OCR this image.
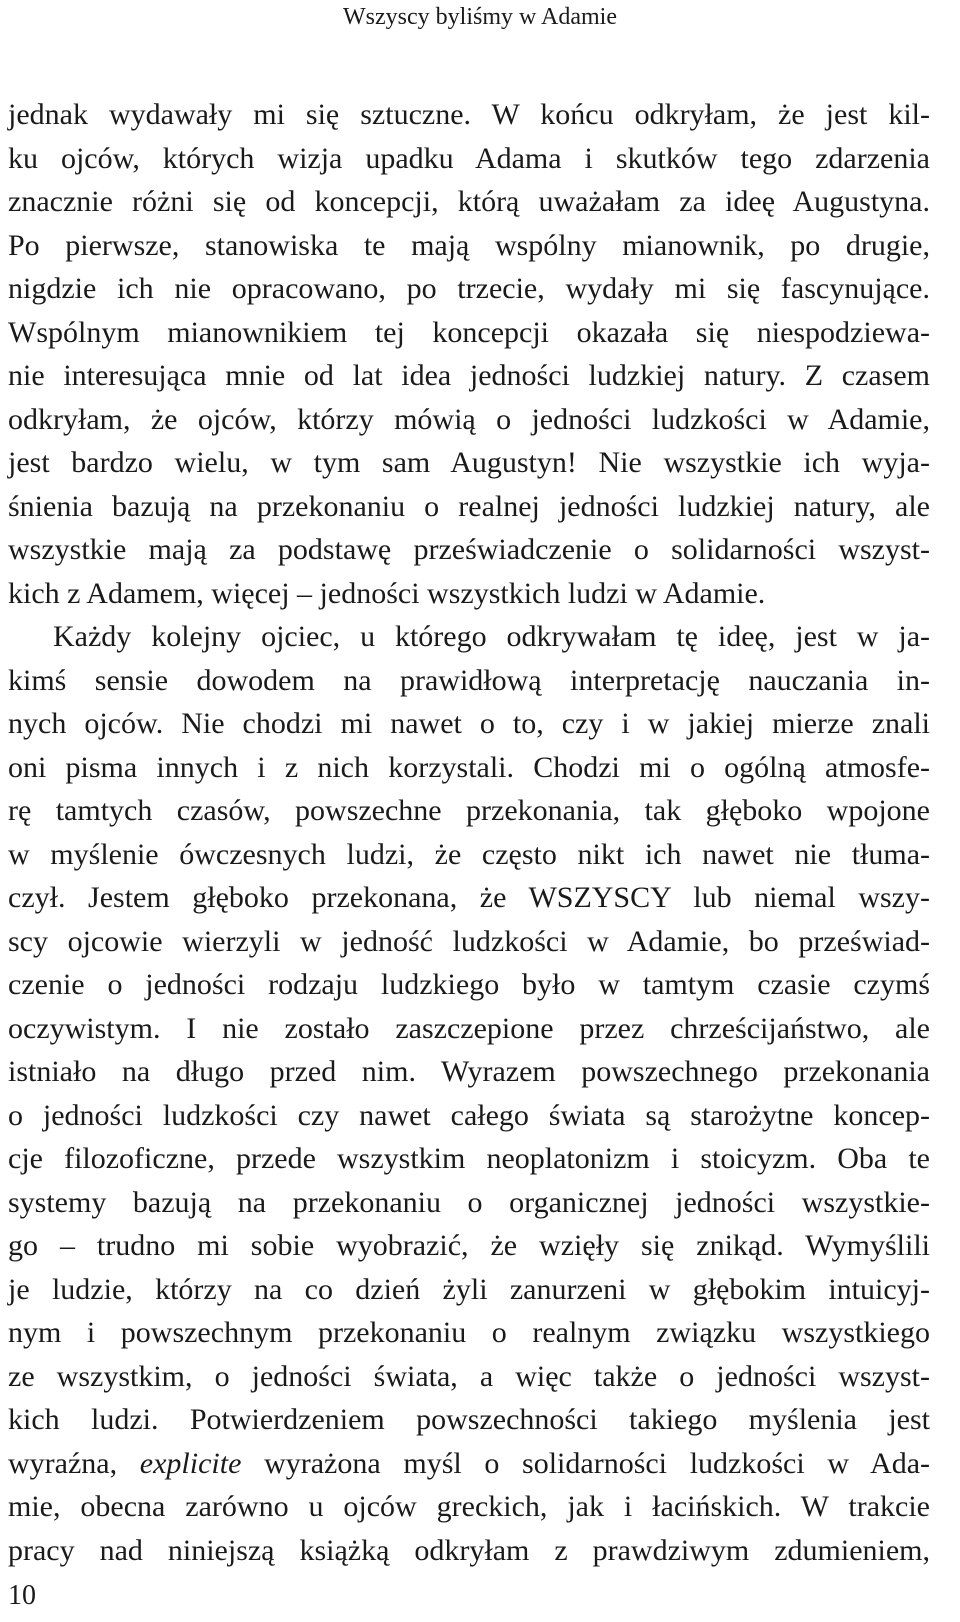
Wszyscy byliśmy w Adamie
jednak wydawały mi się sztuczne. W końcu odkryłam, że jest kil-
ku ojców, których wizja upadku Adama i skutków tego zdarzenia
znacznie różni się od koncepcji, którą uważałam za ideę Augustyna.
Po pierwsze, stanowiska te mają wspólny mianownik, po drugie,
nigdzie ich nie opracowano, po trzecie, wydały mi się fascynujące.
Wspólnym mianownikiem tej koncepcji okazała się niespodziewa-
nie interesująca mnie od lat idea jedności ludzkiej natury. Z czasem
odkryłam, że ojców, którzy mówią o jedności ludzkości w Adamie,
jest bardzo wielu, w tym sam Augustyn! Nie wszystkie ich wyja-
śnienia bazują na przekonaniu o realnej jedności ludzkiej natury, ale
wszystkie mają za podstawę przeświadczenie o solidarności wszyst-
kich z Adamem, więcej – jedności wszystkich ludzi w Adamie.
Każdy kolejny ojciec, u którego odkrywałam tę ideę, jest w ja-
kimś sensie dowodem na prawidłową interpretację nauczania in-
nych ojców. Nie chodzi mi nawet o to, czy i w jakiej mierze znali
oni pisma innych i z nich korzystali. Chodzi mi o ogólną atmosfe-
rę tamtych czasów, powszechne przekonania, tak głęboko wpojone
w myślenie ówczesnych ludzi, że często nikt ich nawet nie tłuma-
czył. Jestem głęboko przekonana, że WSZYSCY lub niemal wszy-
scy ojcowie wierzyli w jedność ludzkości w Adamie, bo przeświad-
czenie o jedności rodzaju ludzkiego było w tamtym czasie czymś
oczywistym. I nie zostało zaszczepione przez chrześcijaństwo, ale
istniało na długo przed nim. Wyrazem powszechnego przekonania
o jedności ludzkości czy nawet całego świata są starożytne koncep-
cje filozoficzne, przede wszystkim neoplatonizm i stoicyzm. Oba te
systemy bazują na przekonaniu o organicznej jedności wszystkie-
go – trudno mi sobie wyobrazić, że wzięły się znikąd. Wymyślili
je ludzie, którzy na co dzień żyli zanurzeni w głębokim intuicyj-
nym i powszechnym przekonaniu o realnym związku wszystkiego
ze wszystkim, o jedności świata, a więc także o jedności wszyst-
kich ludzi. Potwierdzeniem powszechności takiego myślenia jest
wyraźna, explicite wyrażona myśl o solidarności ludzkości w Ada-
mie, obecna zarówno u ojców greckich, jak i łacińskich. W trakcie
pracy nad niniejszą książką odkryłam z prawdziwym zdumieniem,
10
